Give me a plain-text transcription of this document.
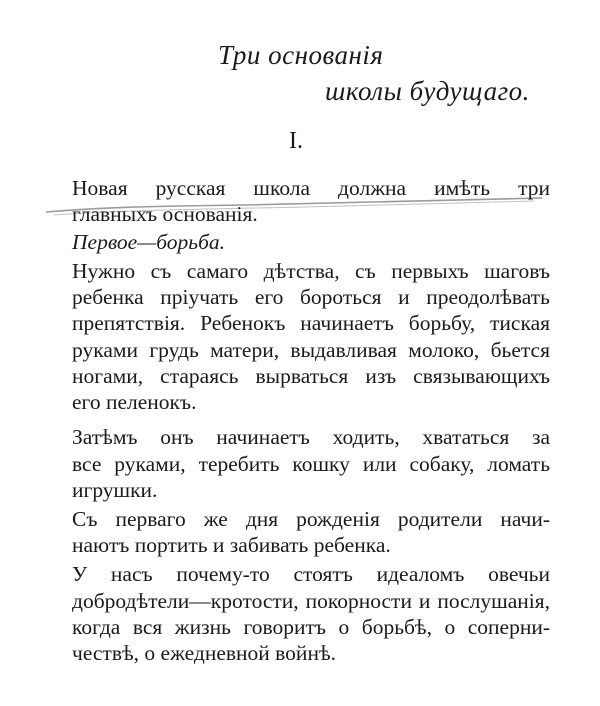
Три основанія
школы будущаго.
I.
Новая русская школа должна имѣть три
главныхъ основанія.
Первое—борьба.
Нужно съ самаго дѣтства, съ первыхъ шаговъ
ребенка пріучать его бороться и преодолѣвать
препятствія. Ребенокъ начинаетъ борьбу, тиская
руками грудь матери, выдавливая молоко, бьется
ногами, стараясь вырваться изъ связывающихъ
его пеленокъ.
Затѣмъ онъ начинаетъ ходить, хвататься за
все руками, теребить кошку или собаку, ломать
игрушки.
Съ перваго же дня рожденія родители начи-
наютъ портить и забивать ребенка.
У насъ почему-то стоятъ идеаломъ овечьи
добродѣтели—кротости, покорности и послушанія,
когда вся жизнь говоритъ о борьбѣ, о соперни-
чествѣ, о ежедневной войнѣ.
